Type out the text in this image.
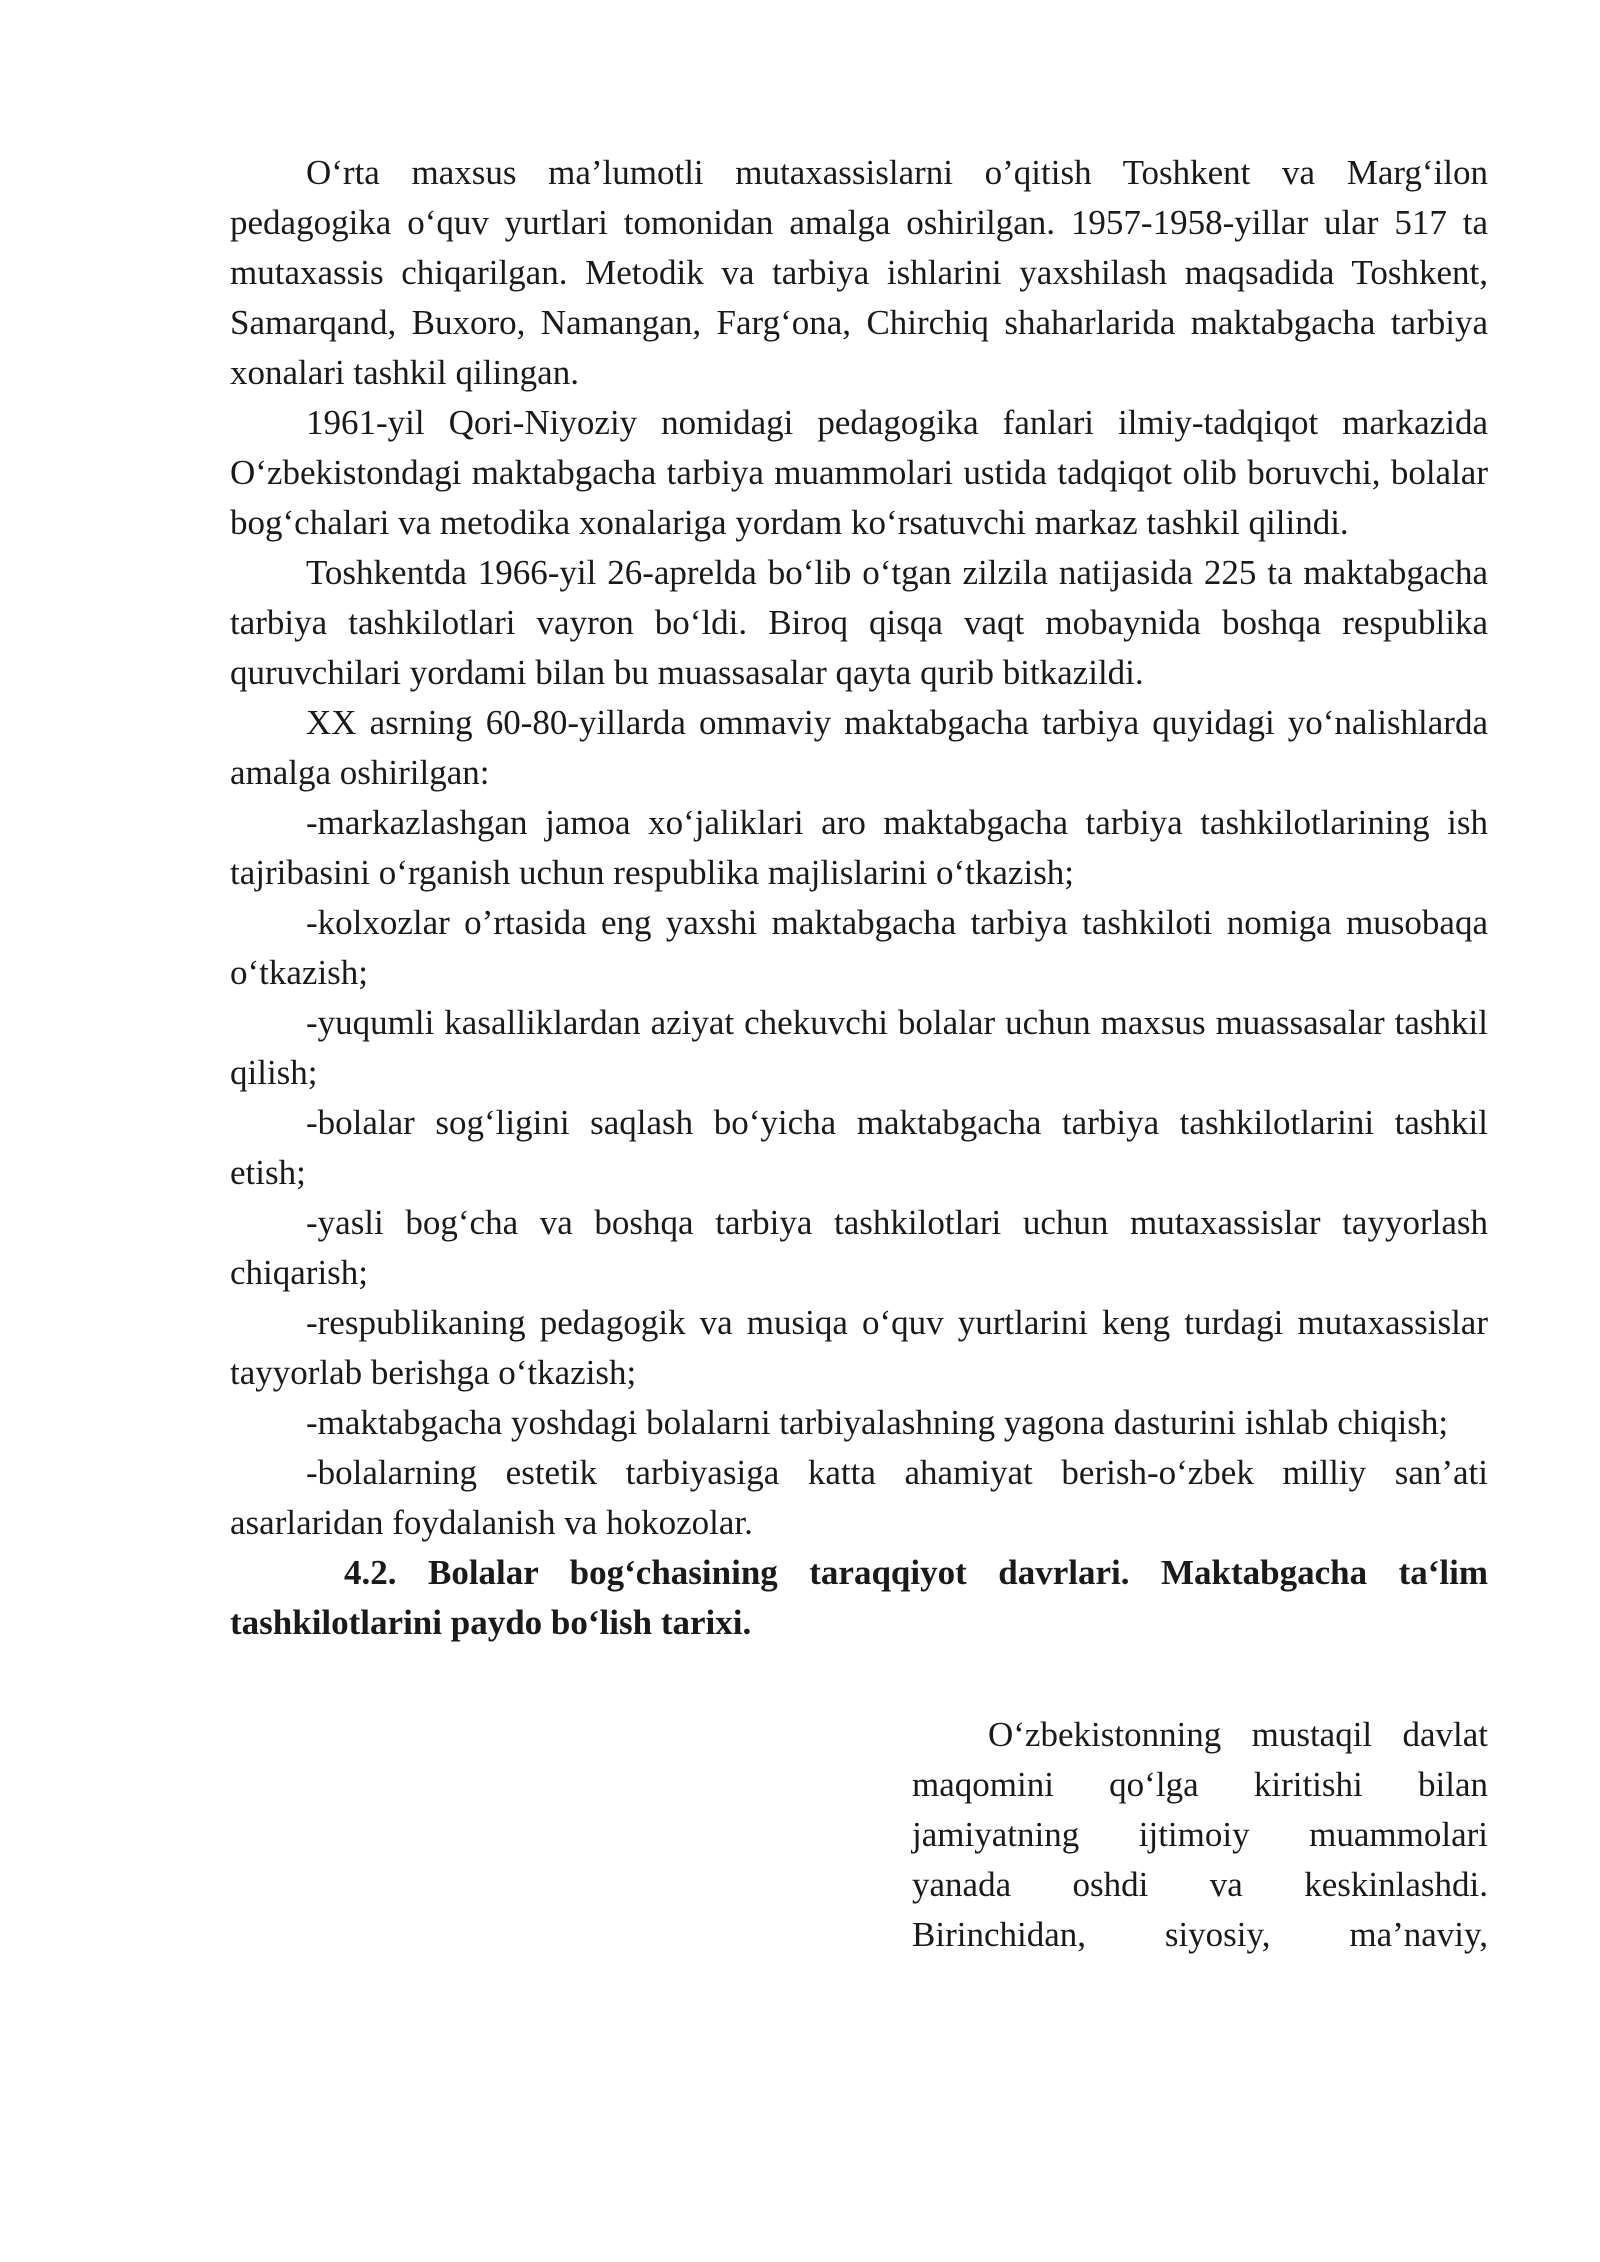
O‘rta maxsus ma’lumotli mutaxassislarni o’qitish Toshkent va Marg‘ilon pedagogika o‘quv yurtlari tomonidan amalga oshirilgan. 1957-1958-yillar ular 517 ta mutaxassis chiqarilgan. Metodik va tarbiya ishlarini yaxshilash maqsadida Toshkent, Samarqand, Buxoro, Namangan, Farg‘ona, Chirchiq shaharlarida maktabgacha tarbiya xonalari tashkil qilingan.

1961-yil Qori-Niyoziy nomidagi pedagogika fanlari ilmiy-tadqiqot markazida O‘zbekistondagi maktabgacha tarbiya muammolari ustida tadqiqot olib boruvchi, bolalar bog‘chalari va metodika xonalariga yordam ko‘rsatuvchi markaz tashkil qilindi.

Toshkentda 1966-yil 26-aprelda bo‘lib o‘tgan zilzila natijasida 225 ta maktabgacha tarbiya tashkilotlari vayron bo‘ldi. Biroq qisqa vaqt mobaynida boshqa respublika quruvchilari yordami bilan bu muassasalar qayta qurib bitkazildi.

XX asrning 60-80-yillarda ommaviy maktabgacha tarbiya quyidagi yo‘nalishlarda amalga oshirilgan:

-markazlashgan jamoa xo‘jaliklari aro maktabgacha tarbiya tashkilotlarining ish tajribasini o‘rganish uchun respublika majlislarini o‘tkazish;

-kolxozlar o’rtasida eng yaxshi maktabgacha tarbiya tashkiloti nomiga musobaqa o‘tkazish;

-yuqumli kasalliklardan aziyat chekuvchi bolalar uchun maxsus muassasalar tashkil qilish;

-bolalar sog‘ligini saqlash bo‘yicha maktabgacha tarbiya tashkilotlarini tashkil etish;

-yasli bog‘cha va boshqa tarbiya tashkilotlari uchun mutaxassislar tayyorlash chiqarish;

-respublikaning pedagogik va musiqa o‘quv yurtlarini keng turdagi mutaxassislar tayyorlab berishga o‘tkazish;

-maktabgacha yoshdagi bolalarni tarbiyalashning yagona dasturini ishlab chiqish;

-bolalarning estetik tarbiyasiga katta ahamiyat berish-o‘zbek milliy san’ati asarlaridan foydalanish va hokozolar.

4.2. Bolalar bog‘chasining taraqqiyot davrlari. Maktabgacha ta‘lim tashkilotlarini paydo bo‘lish tarixi.

O‘zbekistonning mustaqil davlat maqomini qo‘lga kiritishi bilan jamiyatning ijtimoiy muammolari yanada oshdi va keskinlashdi. Birinchidan, siyosiy, ma’naviy,
